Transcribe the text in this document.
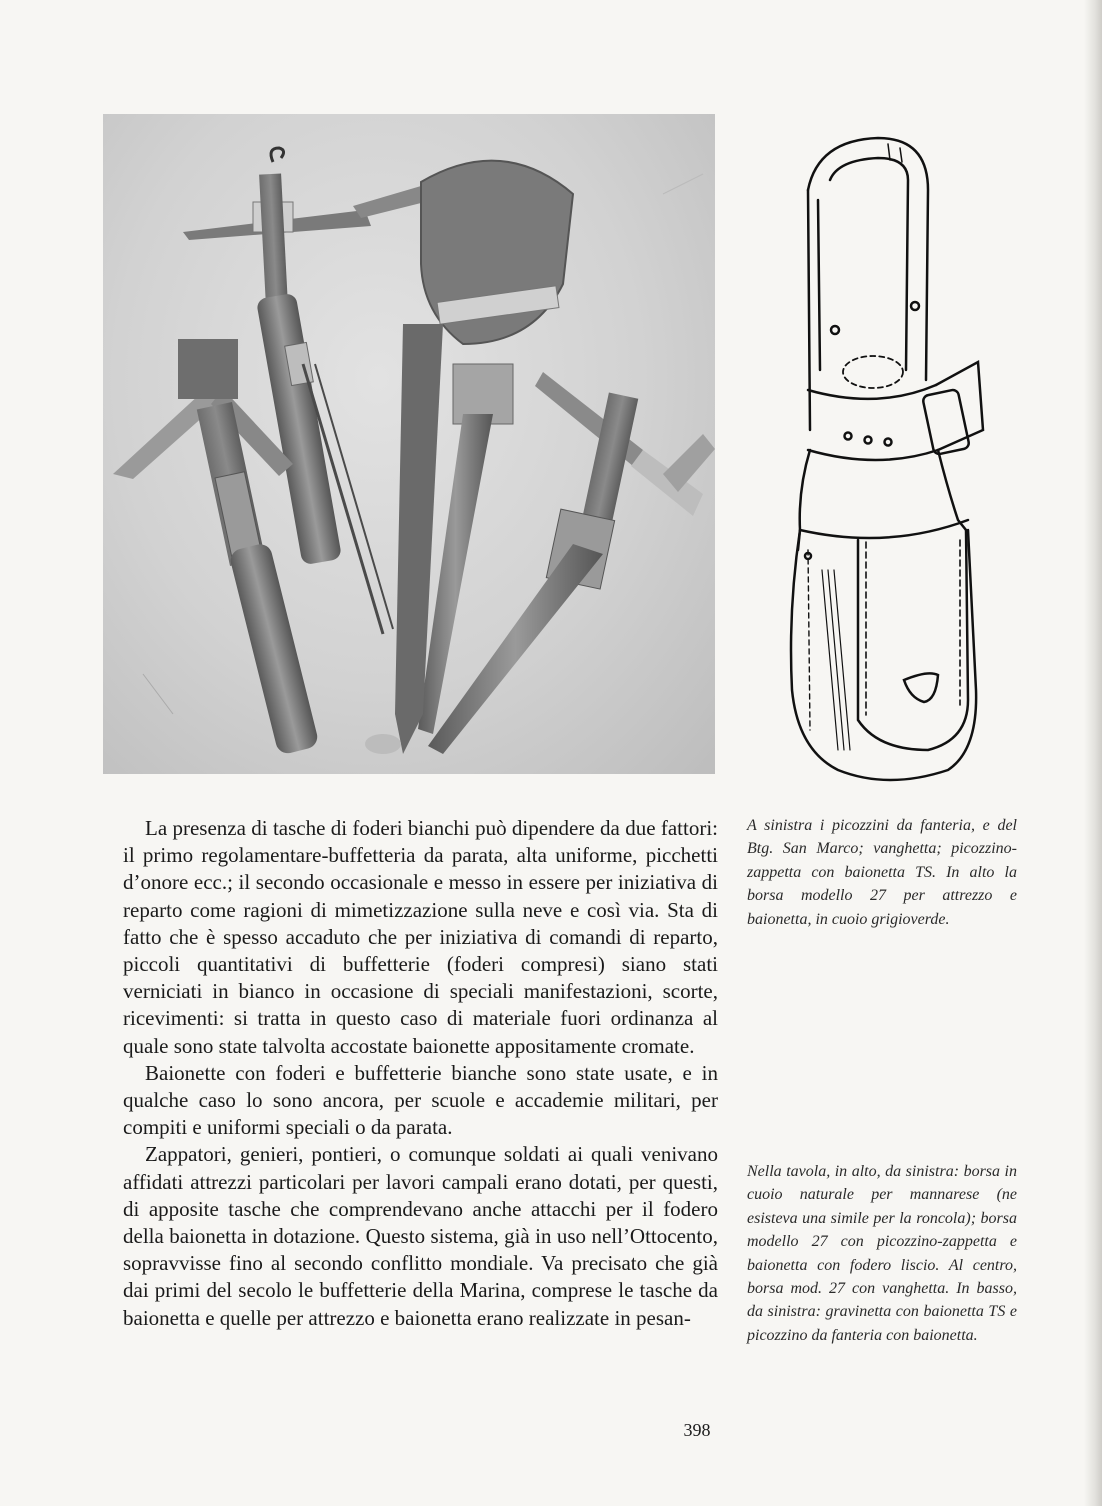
La presenza di tasche di foderi bianchi può dipendere da due fattori: il primo regolamentare-buffetteria da parata, alta uniforme, picchetti d’onore ecc.; il secondo occasionale e messo in essere per iniziativa di reparto come ragioni di mimetizzazione sulla neve e così via. Sta di fatto che è spesso accaduto che per iniziativa di comandi di reparto, piccoli quantitativi di buffetterie (foderi compresi) siano stati verniciati in bianco in occasione di speciali manifestazioni, scorte, ricevimenti: si tratta in questo caso di materiale fuori ordinanza al quale sono state talvolta accostate baionette appositamente cromate.

Baionette con foderi e buffetterie bianche sono state usate, e in qualche caso lo sono ancora, per scuole e accademie militari, per compiti e uniformi speciali o da parata.

Zappatori, genieri, pontieri, o comunque soldati ai quali venivano affidati attrezzi particolari per lavori campali erano dotati, per questi, di apposite tasche che comprendevano anche attacchi per il fodero della baionetta in dotazione. Questo sistema, già in uso nell’Ottocento, sopravvisse fino al secondo conflitto mondiale. Va precisato che già dai primi del secolo le buffetterie della Marina, comprese le tasche da baionetta e quelle per attrezzo e baionetta erano realizzate in pesan-

A sinistra i picozzini da fanteria, e del Btg. San Marco; vanghetta; picozzino-zappetta con baionetta TS. In alto la borsa modello 27 per attrezzo e baionetta, in cuoio grigioverde.
Nella tavola, in alto, da sinistra: borsa in cuoio naturale per mannarese (ne esisteva una simile per la roncola); borsa modello 27 con picozzino-zappetta e baionetta con fodero liscio. Al centro, borsa mod. 27 con vanghetta. In basso, da sinistra: gravinetta con baionetta TS e picozzino da fanteria con baionetta.
398
